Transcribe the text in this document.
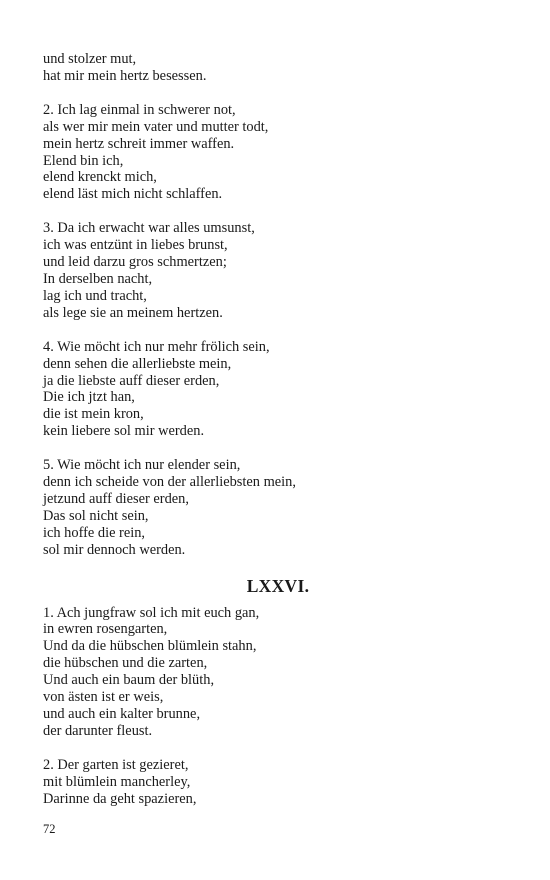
und stolzer mut,
hat mir mein hertz besessen.
2. Ich lag einmal in schwerer not,
als wer mir mein vater und mutter todt,
mein hertz schreit immer waffen.
Elend bin ich,
elend krenckt mich,
elend läst mich nicht schlaffen.
3. Da ich erwacht war alles umsunst,
ich was entzünt in liebes brunst,
und leid darzu gros schmertzen;
In derselben nacht,
lag ich und tracht,
als lege sie an meinem hertzen.
4. Wie möcht ich nur mehr frölich sein,
denn sehen die allerliebste mein,
ja die liebste auff dieser erden,
Die ich jtzt han,
die ist mein kron,
kein liebere sol mir werden.
5. Wie möcht ich nur elender sein,
denn ich scheide von der allerliebsten mein,
jetzund auff dieser erden,
Das sol nicht sein,
ich hoffe die rein,
sol mir dennoch werden.
LXXVI.
1. Ach jungfraw sol ich mit euch gan,
in ewren rosengarten,
Und da die hübschen blümlein stahn,
die hübschen und die zarten,
Und auch ein baum der blüth,
von ästen ist er weis,
und auch ein kalter brunne,
der darunter fleust.
2. Der garten ist gezieret,
mit blümlein mancherley,
Darinne da geht spazieren,
72
